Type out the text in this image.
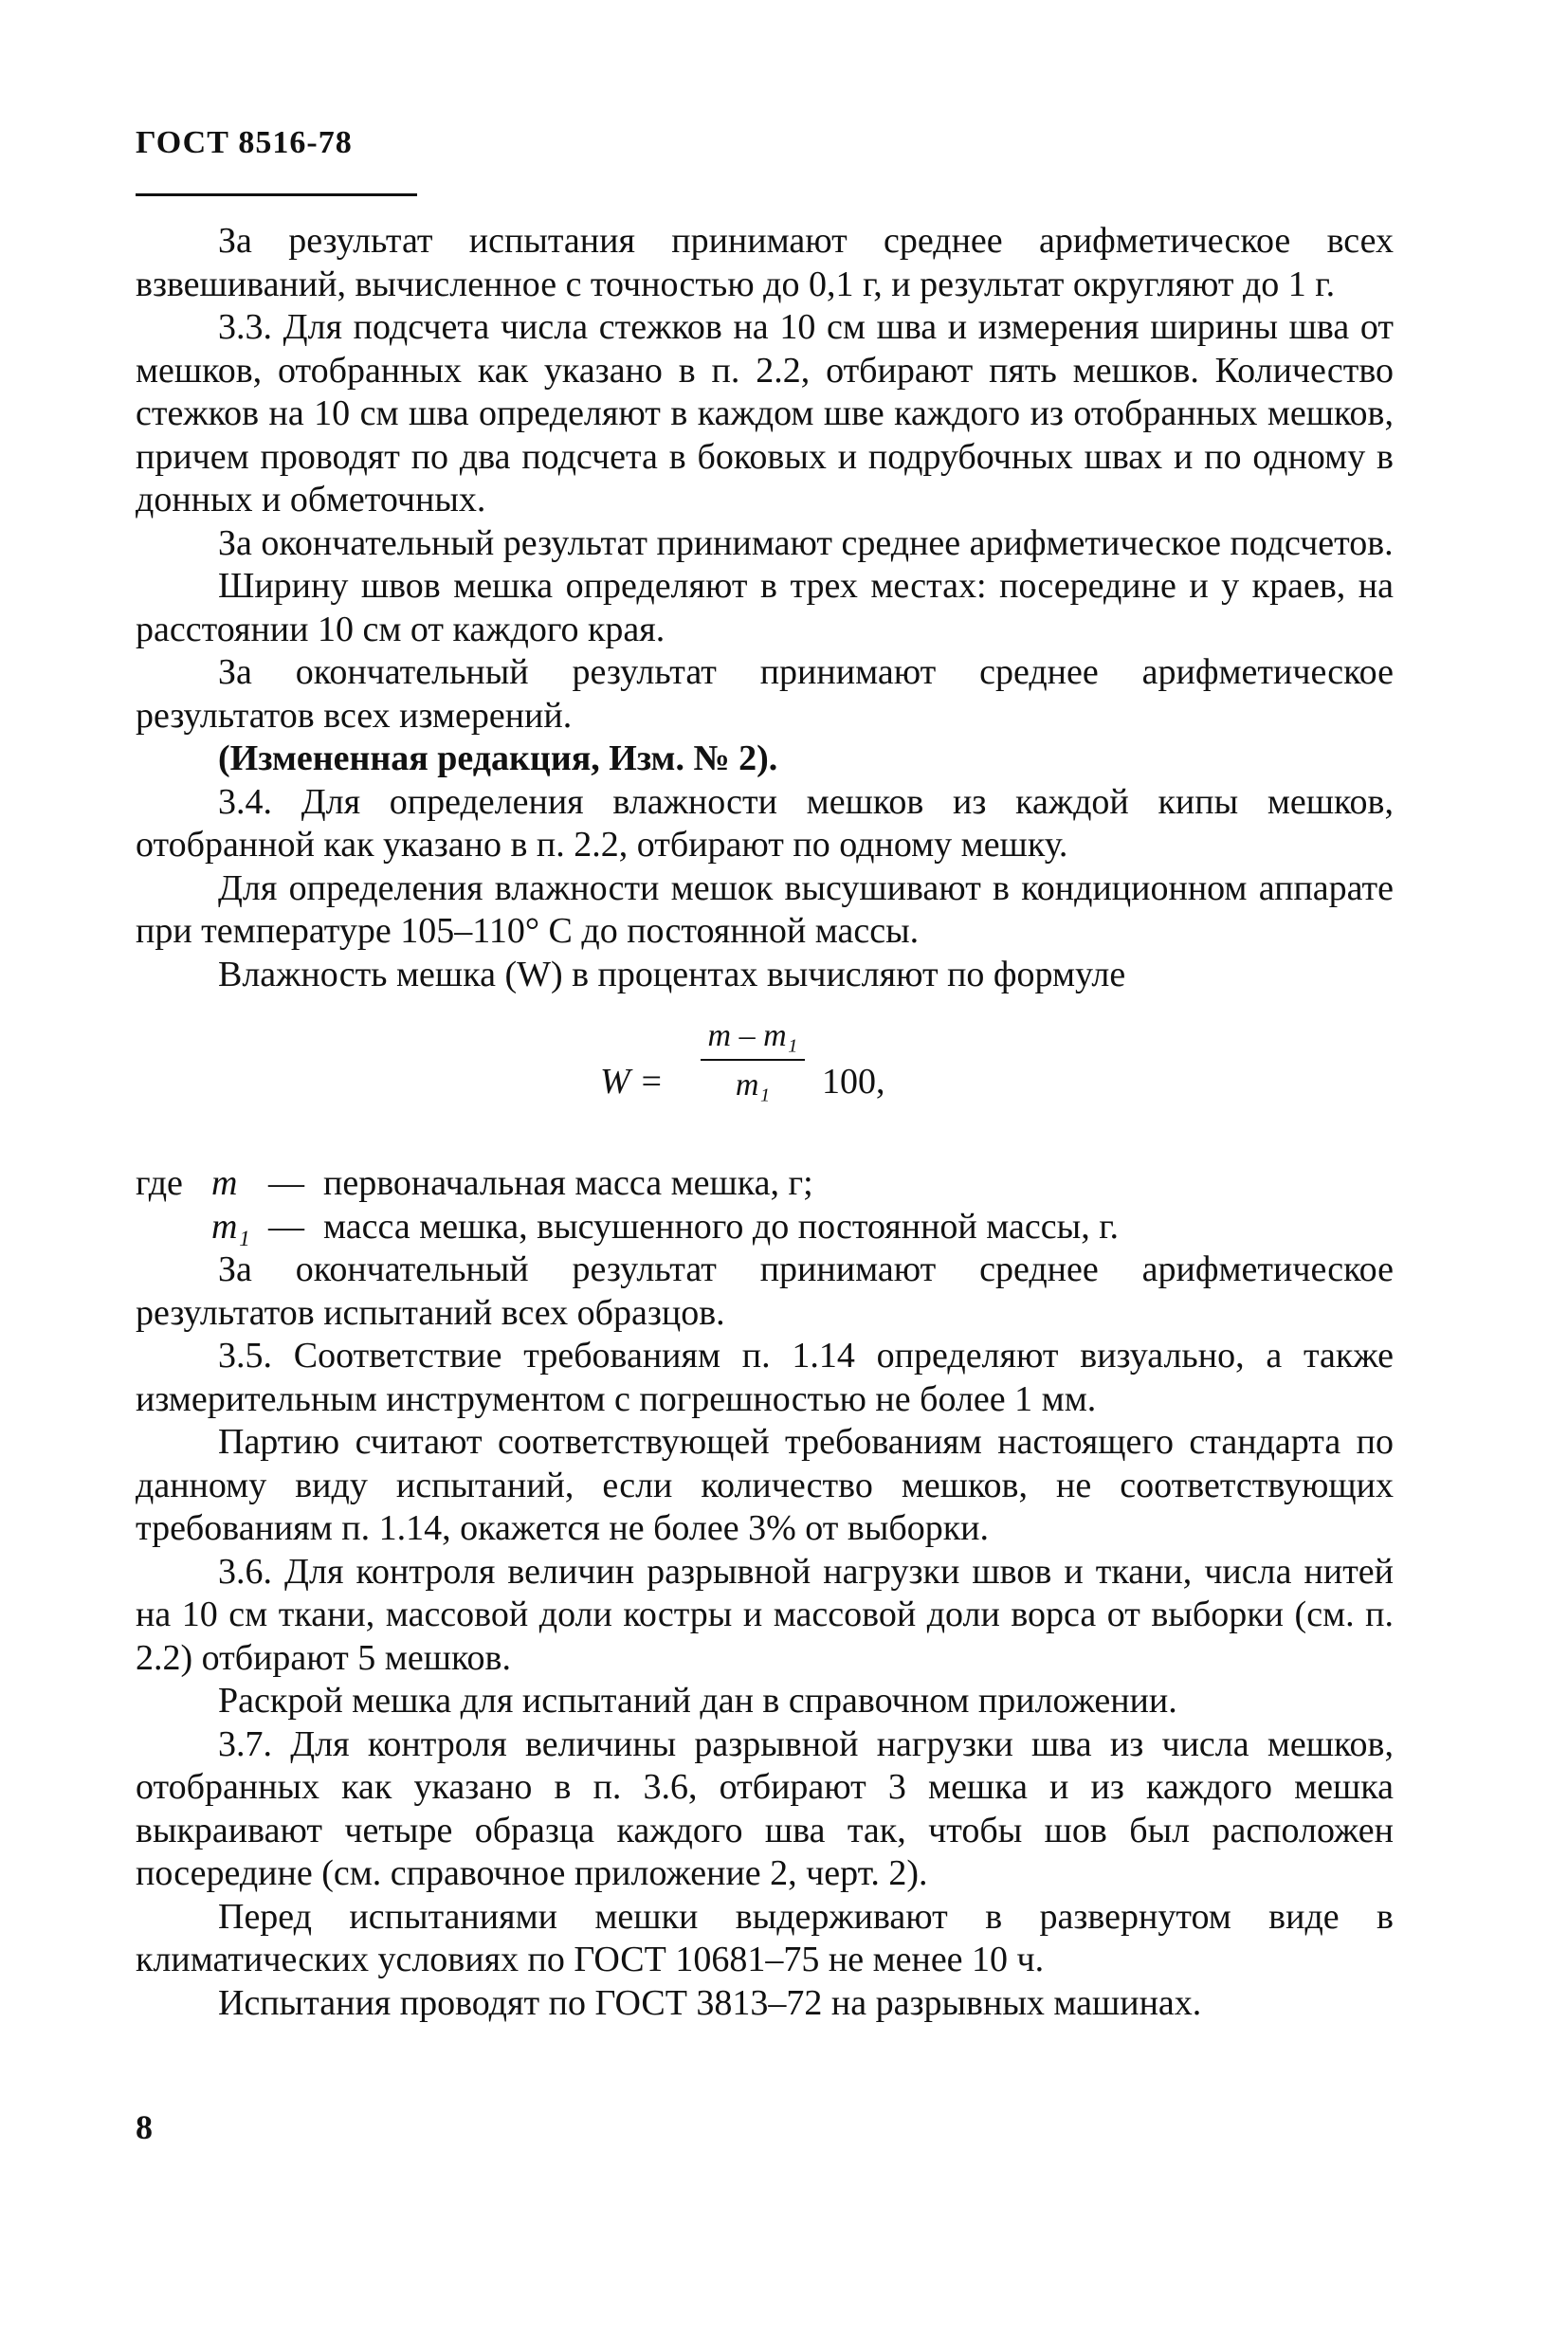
ГОСТ 8516-78

За результат испытания принимают среднее арифметическое всех взвешиваний, вычисленное с точностью до 0,1 г, и результат округляют до 1 г.

3.3. Для подсчета числа стежков на 10 см шва и измерения ширины шва от мешков, отобранных как указано в п. 2.2, отбирают пять мешков. Количество стежков на 10 см шва определяют в каждом шве каждого из отобранных мешков, причем проводят по два подсчета в боковых и подрубочных швах и по одному в донных и обметочных.

За окончательный результат принимают среднее арифметическое подсчетов.

Ширину швов мешка определяют в трех местах: посередине и у краев, на расстоянии 10 см от каждого края.

За окончательный результат принимают среднее арифметическое результатов всех измерений.

(Измененная редакция, Изм. № 2).

3.4. Для определения влажности мешков из каждой кипы мешков, отобранной как указано в п. 2.2, отбирают по одному мешку.

Для определения влажности мешок высушивают в кондиционном аппарате при температуре 105–110° С до постоянной массы.

Влажность мешка (W) в процентах вычисляют по формуле

W =
m – m₁
m₁	100,
где m — первоначальная масса мешка, г;
m₁ — масса мешка, высушенного до постоянной массы, г.

За окончательный результат принимают среднее арифметическое результатов испытаний всех образцов.

3.5. Соответствие требованиям п. 1.14 определяют визуально, а также измерительным инструментом с погрешностью не более 1 мм.

Партию считают соответствующей требованиям настоящего стандарта по данному виду испытаний, если количество мешков, не соответствующих требованиям п. 1.14, окажется не более 3% от выборки.

3.6. Для контроля величин разрывной нагрузки швов и ткани, числа нитей на 10 см ткани, массовой доли костры и массовой доли ворса от выборки (см. п. 2.2) отбирают 5 мешков.

Раскрой мешка для испытаний дан в справочном приложении.

3.7. Для контроля величины разрывной нагрузки шва из числа мешков, отобранных как указано в п. 3.6, отбирают 3 мешка и из каждого мешка выкраивают четыре образца каждого шва так, чтобы шов был расположен посередине (см. справочное приложение 2, черт. 2).

Перед испытаниями мешки выдерживают в развернутом виде в климатических условиях по ГОСТ 10681–75 не менее 10 ч.

Испытания проводят по ГОСТ 3813–72 на разрывных машинах.

8
